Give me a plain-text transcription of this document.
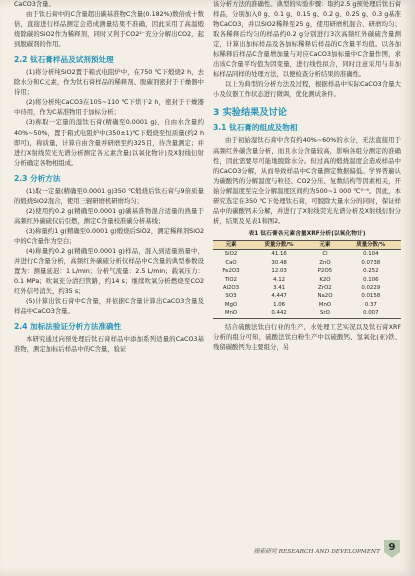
CaCO3含量。

由于钛石膏中的C含量超出碳基准物C含量(0.182%)数倍或十数倍，直接进行样品测定会造成测量结果不准确，因此采用了高温煅烧除碳的SiO2作为稀释剂，同时又利于CO2²⁻充分分解出CO2，起到脱碳剂的作用。

2.2 钛石膏样品及试剂预处理

(1)将分析纯SiO2置于箱式电阻炉中，在750 ℃下煅烧2 h，去除水分和C元素，作为钛石膏样品的稀释剂、脱碳剂密封于干燥器中待用；

(2)将分析纯CaCO3在105~110 ℃下烘干2 h，密封于干燥器中待用，作为C基准物用于加标分析；

(3)称取一定量的湿钛石膏(精确至0.0001 g)，自由水含量约40%~50%，置于箱式电阻炉中(350±1)℃下煅烧至恒质量(约2 h即可)，称质量，计算自由含量并研磨至约325目，待含量测定；并进行X射线荧光光谱分析测定各元素含量(以氧化物计)及X射线衍射分析确定各物相组成。

2.3 分析方法

(1)取一定量(精确至0.0001 g)350 ℃煅烧后钛石膏与9倍质量的煅烧SiO2混合，使用三辊研磨机研磨均匀；

(2)使用约0.2 g(精确至0.0001 g)碳基准物混合适量的熟量于高频红外碳硫仪后引燃，测定C含量校准碳分析基线；

(3)称量约1 g(精确至0.0001 g)煅烧后SiO2，测定稀释剂SiO2中的C含量作为空白；

(4)称量约0.2 g(精确至0.0001 g)样品，混入到适量熟量中，并进行C含量分析，高频红外碳硫分析仪样品中C含量的典型参数设置为：测量延迟：1 L/min；分析气流量：2.5 L/min；载氧压力：0.1 MPa；吹氧充分清扫管路，约14 s；继续吹氧分析燃烧至CO2红外信号消失，约35 s；

(5)计算出钛石膏中C含量，并依据C含量计算出CaCO3含量及样品中CaCO3含量。

2.4 加标法验证分析方法准确性

本研究通过向预处理后钛石膏样品中添加系列适量的CaCO3基准物，测定加标后样品中的C含量，验证

该分析方法的准确性。典型的实验步骤：取约2.5 g预处理后钛石膏样品，分别加入0 g、0.1 g、0.15 g、0.2 g、0.25 g、0.3 g基准物CaCO3，并以SiO2稀释至25 g，使用研磨机混合、研磨均匀；取各稀释后均匀的样品约0.2 g分别进行3次高频红外碳硫含量测定，计算出加标样品及各加标稀释后样品的C含量平均值。以各加标稀释后样品C含量增加量与对应CaCO3加标量中C含量作图，求出该C含量平均值为因变量，进行线性拟合，同时注意采用与非加标样品同样的处理方法，以便检查分析结果的准确性。

以上为典型的分析方法及过程，根据样品中实际CaCO3含量大小及仪器工作状态进行微调，优化测试条件。

3 实验结果及讨论
3.1 钛石膏的组成及物相

由于初始湿钛石膏中含有约40%~60%的水分，无法直接用于高频红外碳含量分析，而且水分含量较高，影响各组分测定的准确性，因此需要尽可能地脱除水分。但过高的煅烧温度会造成样品中的CaCO3分解，从而导致样品中C含量测定数据偏低。学界普遍认为碳酸钙的分解温度与粒径、CO2分压、复数结构等因素相关，开始分解温度至完全分解温度区间约为500~1 000 ℃⁵⁻⁶。因此，本研究选定在350 ℃下处理钛石膏，可脱除大量水分的同时，保证样品中的碳酸钙未分解，并进行了X射线荧光光谱分析及X射线衍射分析，结果及见表1和图2。

表1 钛石膏各元素含量XRF分析(以氧化物计)
元素	质量分数/%	元素	质量分数/%
SiO2	41.16	Cl	0.104
CaO	30.48	ZnO	0.0738
Fe2O3	12.03	P2O5	0.252
TiO2	4.12	K2O	0.106
Al2O3	3.41	ZrO2	0.0229
SO3	4.447	Na2O	0.0158
MgO	1.06	MnO	0.37
MnO	0.442	SrO	0.007

结合硫酸法钛白行业的生产、水处理工艺实况以及钛石膏XRF分析的组分可知，硫酸法钛白粉生产中以硫酸钙、氢氧化(亚)铁、残留碳酸钙为主要组分，另

探索研究 RESEARCH AND DEVELOPMENT 9
